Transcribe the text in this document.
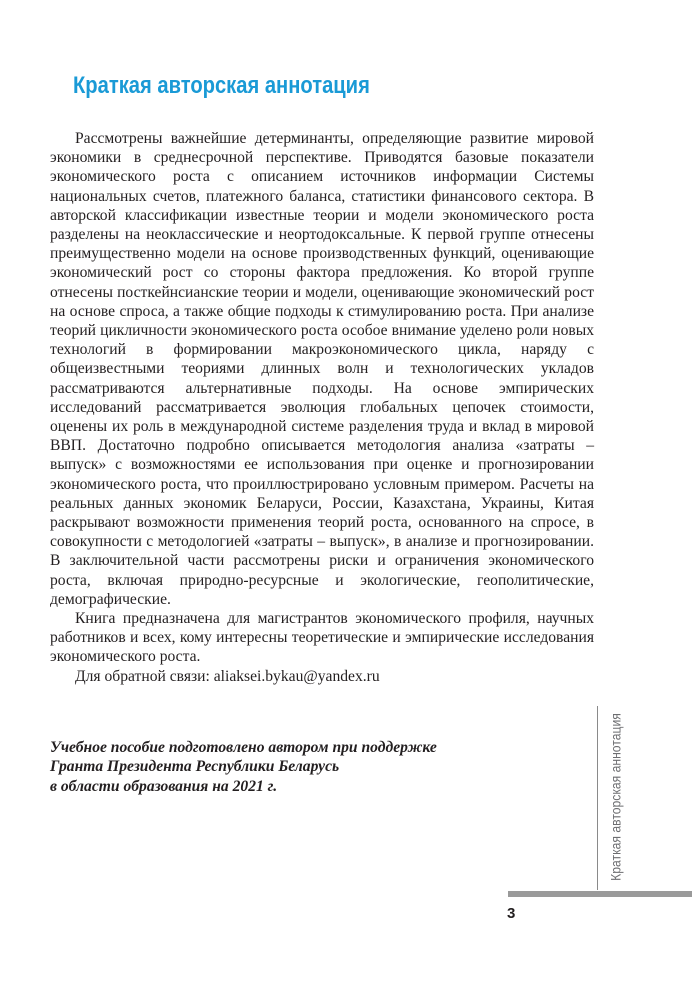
Краткая авторская аннотация

Рассмотрены важнейшие детерминанты, определяющие развитие мировой экономики в среднесрочной перспективе. Приводятся базовые показатели экономического роста с описанием источников информации Системы национальных счетов, платежного баланса, статистики финансового сектора. В авторской классификации известные теории и модели экономического роста разделены на неоклассические и неортодоксальные. К первой группе отнесены преимущественно модели на основе производственных функций, оценивающие экономический рост со стороны фактора предложения. Ко второй группе отнесены посткейнсианские теории и модели, оценивающие экономический рост на основе спроса, а также общие подходы к стимулированию роста. При анализе теорий цикличности экономического роста особое внимание уделено роли новых технологий в формировании макроэкономического цикла, наряду с общеизвестными теориями длинных волн и технологических укладов рассматриваются альтернативные подходы. На основе эмпирических исследований рассматривается эволюция глобальных цепочек стоимости, оценены их роль в международной системе разделения труда и вклад в мировой ВВП. Достаточно подробно описывается методология анализа «затраты – выпуск» с возможностями ее использования при оценке и прогнозировании экономического роста, что проиллюстрировано условным примером. Расчеты на реальных данных экономик Беларуси, России, Казахстана, Украины, Китая раскрывают возможности применения теорий роста, основанного на спросе, в совокупности с методологией «затраты – выпуск», в анализе и прогнозировании. В заключительной части рассмотрены риски и ограничения экономического роста, включая природно-ресурсные и экологические, геополитические, демографические.

Книга предназначена для магистрантов экономического профиля, научных работников и всех, кому интересны теоретические и эмпирические исследования экономического роста.

Для обратной связи: aliaksei.bykau@yandex.ru

Учебное пособие подготовлено автором при поддержке
Гранта Президента Республики Беларусь
в области образования на 2021 г.	Краткая авторская аннотация
3
